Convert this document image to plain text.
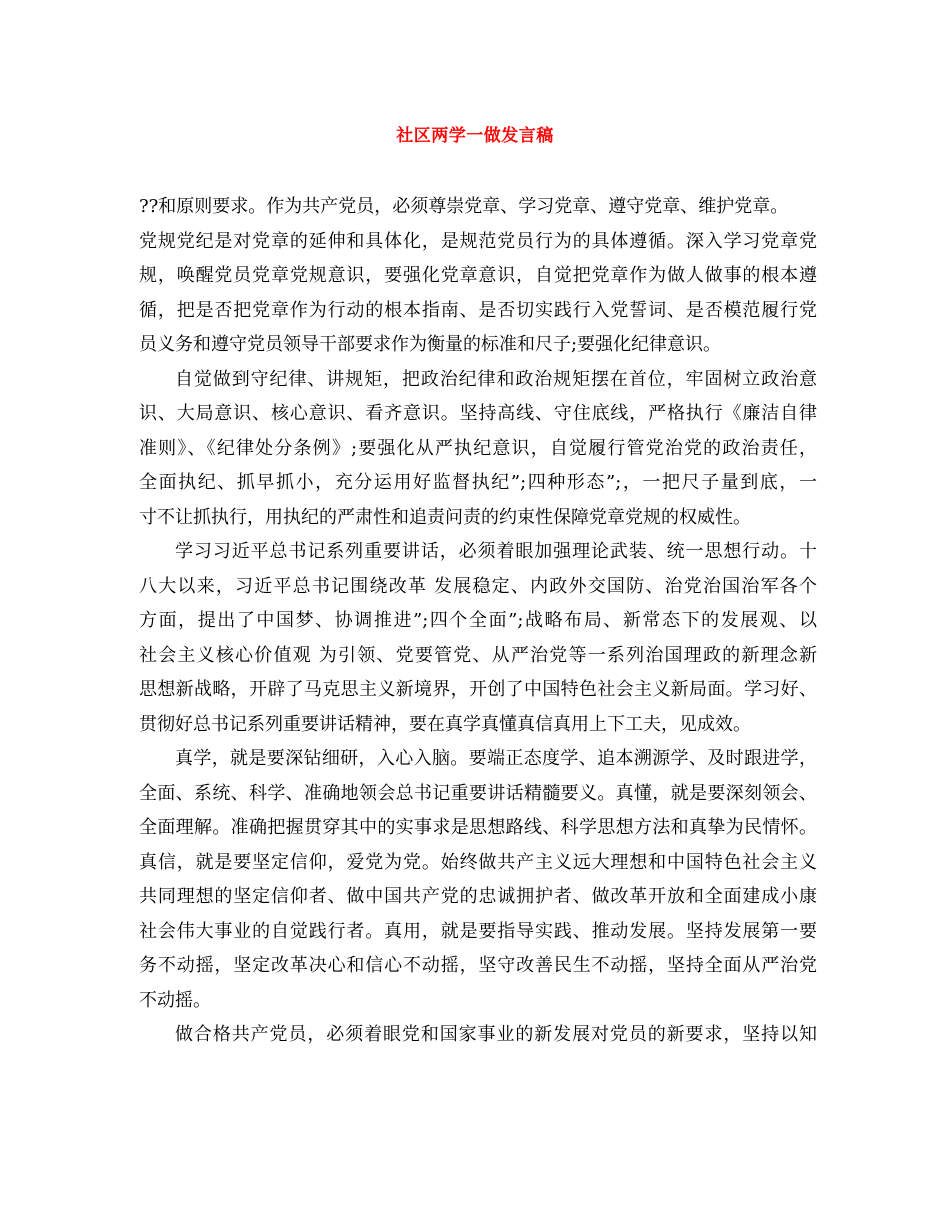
社区两学一做发言稿
??和原则要求。作为共产党员，必须尊崇党章、学习党章、遵守党章、维护党章。
党规党纪是对党章的延伸和具体化，是规范党员行为的具体遵循。深入学习党章党
规，唤醒党员党章党规意识，要强化党章意识，自觉把党章作为做人做事的根本遵
循，把是否把党章作为行动的根本指南、是否切实践行入党誓词、是否模范履行党
员义务和遵守党员领导干部要求作为衡量的标准和尺子;要强化纪律意识。
自觉做到守纪律、讲规矩，把政治纪律和政治规矩摆在首位，牢固树立政治意
识、大局意识、核心意识、看齐意识。坚持高线、守住底线，严格执行《廉洁自律
准则》、《纪律处分条例》;要强化从严执纪意识，自觉履行管党治党的政治责任，
全面执纪、抓早抓小，充分运用好监督执纪”;四种形态”;，一把尺子量到底，一
寸不让抓执行，用执纪的严肃性和追责问责的约束性保障党章党规的权威性。
学习习近平总书记系列重要讲话，必须着眼加强理论武装、统一思想行动。十
八大以来，习近平总书记围绕改革 发展稳定、内政外交国防、治党治国治军各个
方面，提出了中国梦、协调推进”;四个全面”;战略布局、新常态下的发展观、以
社会主义核心价值观 为引领、党要管党、从严治党等一系列治国理政的新理念新
思想新战略，开辟了马克思主义新境界，开创了中国特色社会主义新局面。学习好、
贯彻好总书记系列重要讲话精神，要在真学真懂真信真用上下工夫，见成效。
真学，就是要深钻细研，入心入脑。要端正态度学、追本溯源学、及时跟进学，
全面、系统、科学、准确地领会总书记重要讲话精髓要义。真懂，就是要深刻领会、
全面理解。准确把握贯穿其中的实事求是思想路线、科学思想方法和真挚为民情怀。
真信，就是要坚定信仰，爱党为党。始终做共产主义远大理想和中国特色社会主义
共同理想的坚定信仰者、做中国共产党的忠诚拥护者、做改革开放和全面建成小康
社会伟大事业的自觉践行者。真用，就是要指导实践、推动发展。坚持发展第一要
务不动摇，坚定改革决心和信心不动摇，坚守改善民生不动摇，坚持全面从严治党
不动摇。
做合格共产党员，必须着眼党和国家事业的新发展对党员的新要求，坚持以知
